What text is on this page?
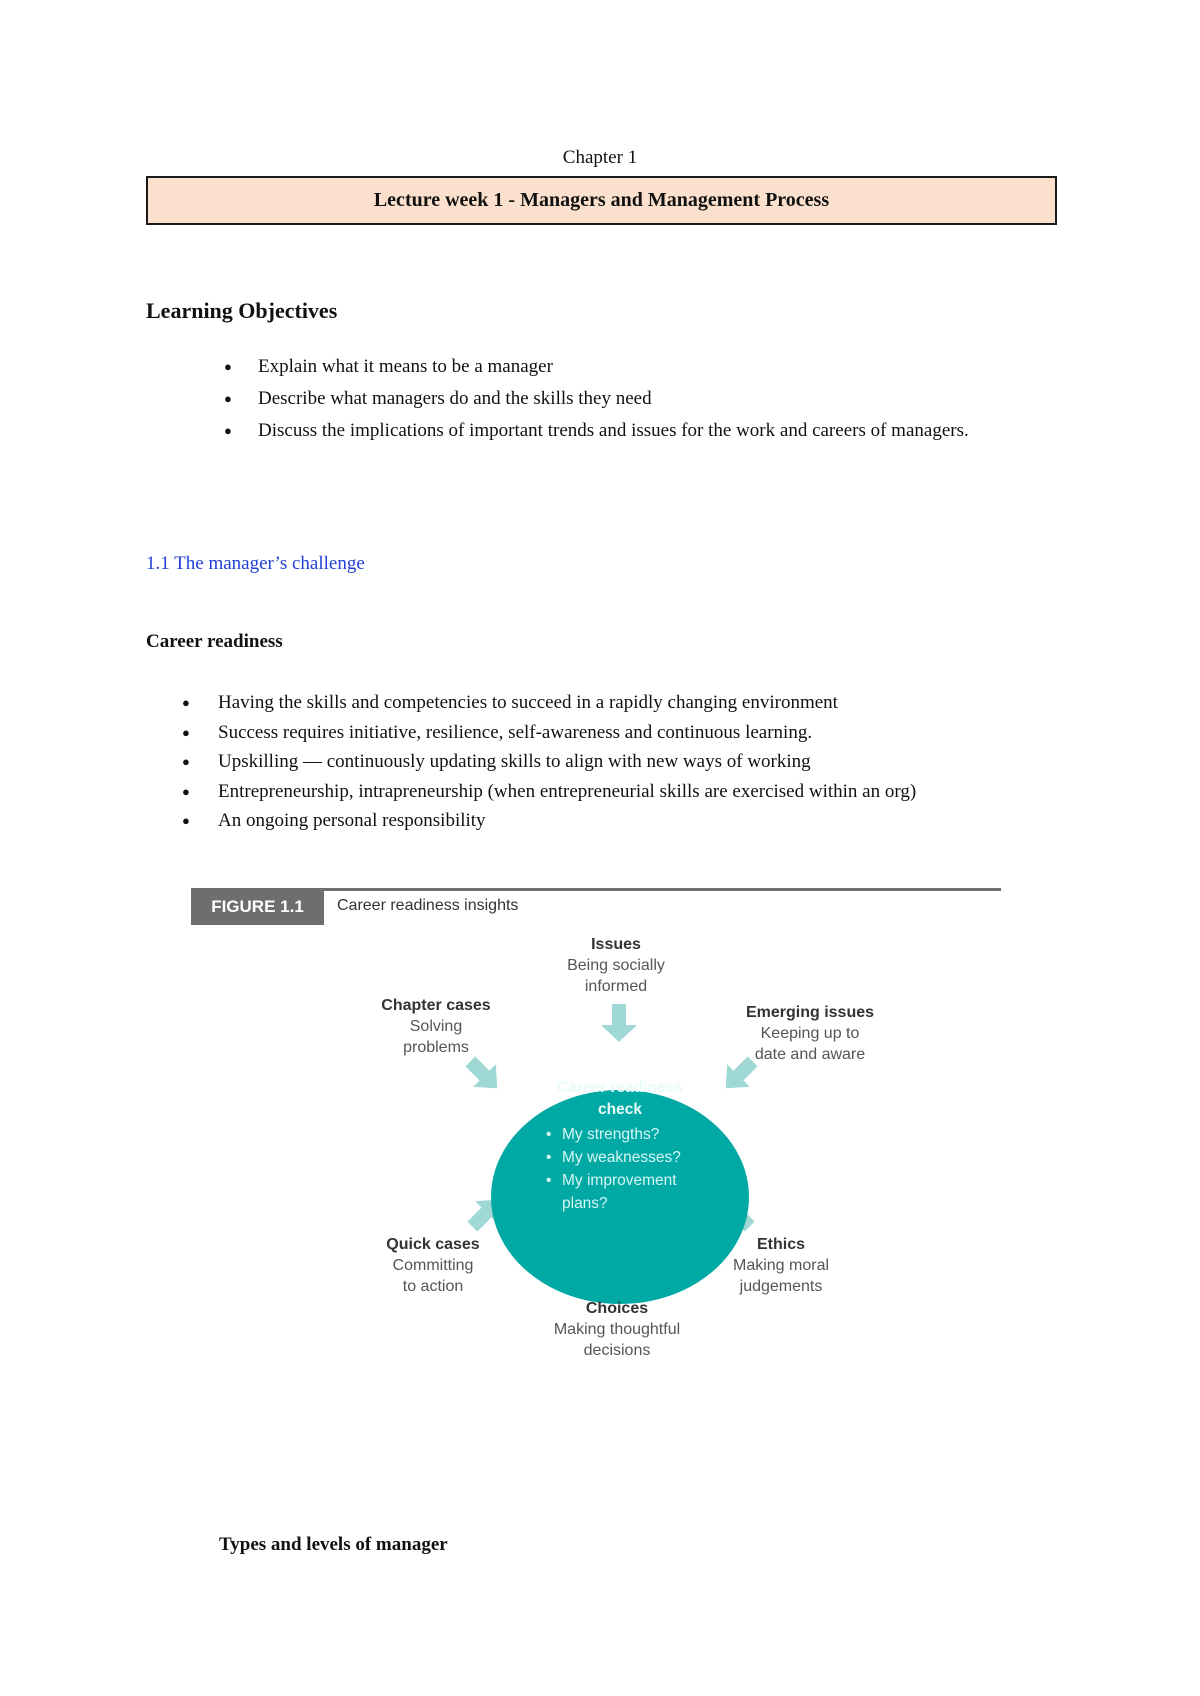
Chapter 1
Lecture week 1 - Managers and Management Process
Learning Objectives
● Explain what it means to be a manager
● Describe what managers do and the skills they need
● Discuss the implications of important trends and issues for the work and careers of managers.
1.1 The manager’s challenge
Career readiness
● Having the skills and competencies to succeed in a rapidly changing environment
● Success requires initiative, resilience, self-awareness and continuous learning.
● Upskilling — continuously updating skills to align with new ways of working
● Entrepreneurship, intrapreneurship (when entrepreneurial skills are exercised within an org)
● An ongoing personal responsibility
FIGURE 1.1	Career readiness insights
Career readiness
check
• My strengths?
• My weaknesses?
• My improvement plans?
Issues
Being socially
informed
Chapter cases
Solving
problems
Emerging issues
Keeping up to
date and aware
Quick cases
Committing
to action
Ethics
Making moral
judgements
Choices
Making thoughtful
decisions
Types and levels of manager
